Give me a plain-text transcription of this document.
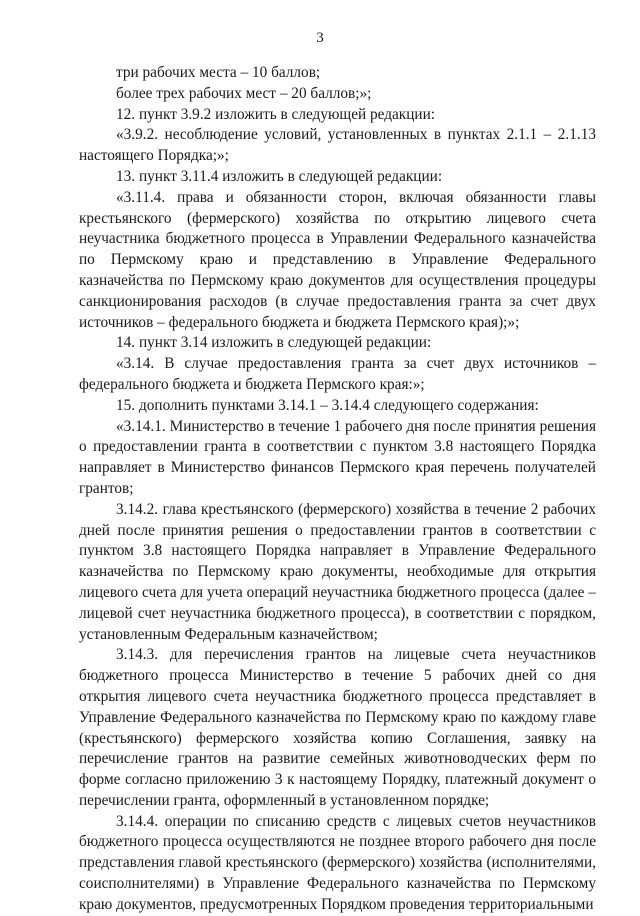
3

три рабочих места – 10 баллов;

более трех рабочих мест – 20 баллов;»;

12. пункт 3.9.2 изложить в следующей редакции:

«3.9.2. несоблюдение условий, установленных в пунктах 2.1.1 – 2.1.13 настоящего Порядка;»;

13. пункт 3.11.4 изложить в следующей редакции:

«3.11.4. права и обязанности сторон, включая обязанности главы крестьянского (фермерского) хозяйства по открытию лицевого счета неучастника бюджетного процесса в Управлении Федерального казначейства по Пермскому краю и представлению в Управление Федерального казначейства по Пермскому краю документов для осуществления процедуры санкционирования расходов (в случае предоставления гранта за счет двух источников – федерального бюджета и бюджета Пермского края);»;

14. пункт 3.14 изложить в следующей редакции:

«3.14. В случае предоставления гранта за счет двух источников – федерального бюджета и бюджета Пермского края:»;

15. дополнить пунктами 3.14.1 – 3.14.4 следующего содержания:

«3.14.1. Министерство в течение 1 рабочего дня после принятия решения о предоставлении гранта в соответствии с пунктом 3.8 настоящего Порядка направляет в Министерство финансов Пермского края перечень получателей грантов;

3.14.2. глава крестьянского (фермерского) хозяйства в течение 2 рабочих дней после принятия решения о предоставлении грантов в соответствии с пунктом 3.8 настоящего Порядка направляет в Управление Федерального казначейства по Пермскому краю документы, необходимые для открытия лицевого счета для учета операций неучастника бюджетного процесса (далее – лицевой счет неучастника бюджетного процесса), в соответствии с порядком, установленным Федеральным казначейством;

3.14.3. для перечисления грантов на лицевые счета неучастников бюджетного процесса Министерство в течение 5 рабочих дней со дня открытия лицевого счета неучастника бюджетного процесса представляет в Управление Федерального казначейства по Пермскому краю по каждому главе (крестьянского) фермерского хозяйства копию Соглашения, заявку на перечисление грантов на развитие семейных животноводческих ферм по форме согласно приложению 3 к настоящему Порядку, платежный документ о перечислении гранта, оформленный в установленном порядке;

3.14.4. операции по списанию средств с лицевых счетов неучастников бюджетного процесса осуществляются не позднее второго рабочего дня после представления главой крестьянского (фермерского) хозяйства (исполнителями, соисполнителями) в Управление Федерального казначейства по Пермскому краю документов, предусмотренных Порядком проведения территориальными
